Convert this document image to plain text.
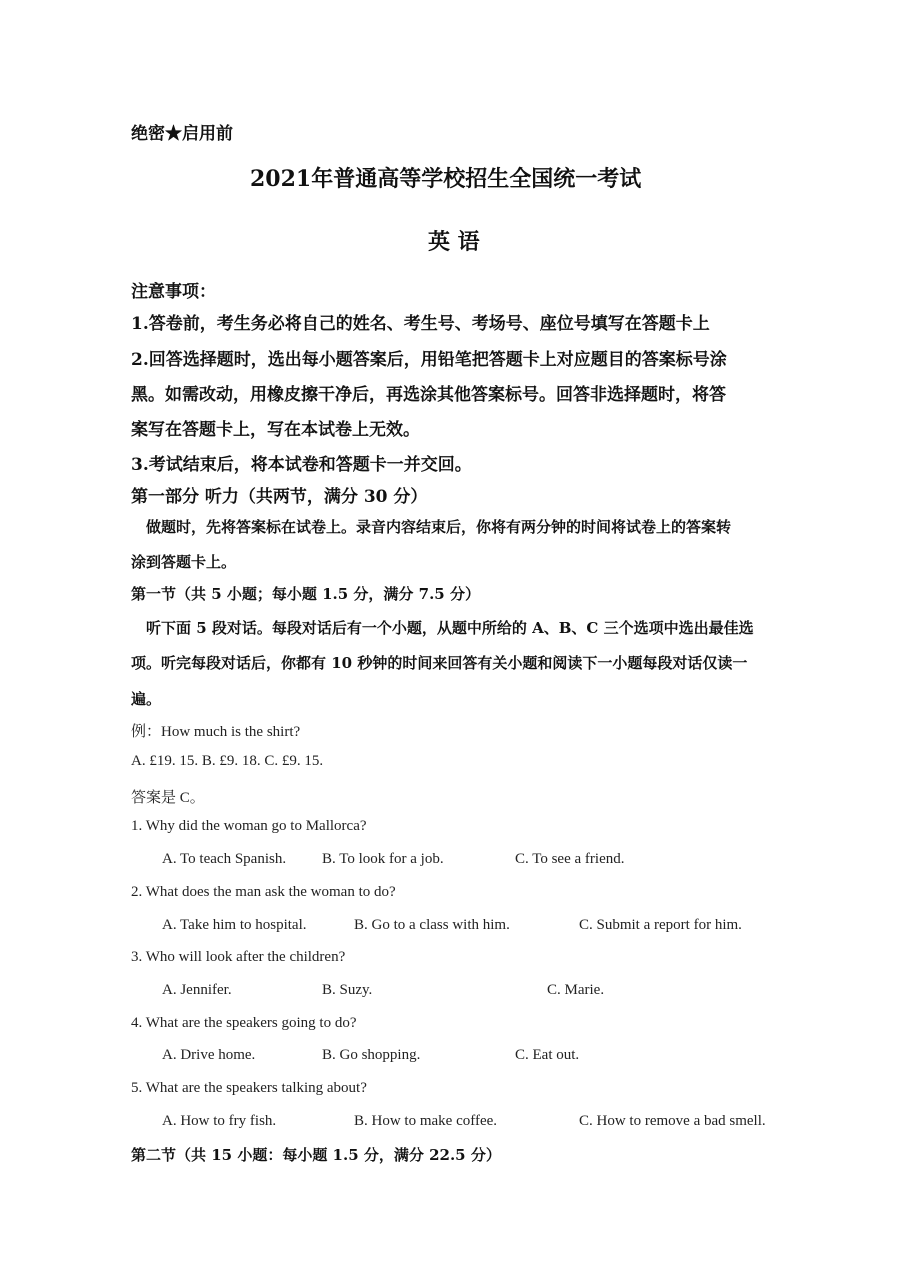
绝密★启用前
2021年普通高等学校招生全国统一考试
英 语
注意事项：
1.答卷前，考生务必将自己的姓名、考生号、考场号、座位号填写在答题卡上
2.回答选择题时，选出每小题答案后，用铅笔把答题卡上对应题目的答案标号涂
黑。如需改动，用橡皮擦干净后，再选涂其他答案标号。回答非选择题时，将答
案写在答题卡上，写在本试卷上无效。
3.考试结束后，将本试卷和答题卡一并交回。
第一部分 听力（共两节，满分 30 分）
做题时，先将答案标在试卷上。录音内容结束后，你将有两分钟的时间将试卷上的答案转
涂到答题卡上。
第一节（共 5 小题；每小题 1.5 分，满分 7.5 分）
听下面 5 段对话。每段对话后有一个小题，从题中所给的 A、B、C 三个选项中选出最佳选
项。听完每段对话后，你都有 10 秒钟的时间来回答有关小题和阅读下一小题每段对话仅读一
遍。
例：How much is the shirt?
A. £19. 15. B. £9. 18. C. £9. 15.
答案是 C。
1. Why did the woman go to Mallorca?
A. To teach Spanish. B. To look for a job.	C. To see a friend.
2. What does the man ask the woman to do?
A. Take him to hospital.	B. Go to a class with him.	C. Submit a report for him.
3. Who will look after the children?
A. Jennifer.	B. Suzy.	C. Marie.
4. What are the speakers going to do?
A. Drive home.	B. Go shopping.	C. Eat out.
5. What are the speakers talking about?
A. How to fry fish.	B. How to make coffee.	C. How to remove a bad smell.
第二节（共 15 小题：每小题 1.5 分，满分 22.5 分）
